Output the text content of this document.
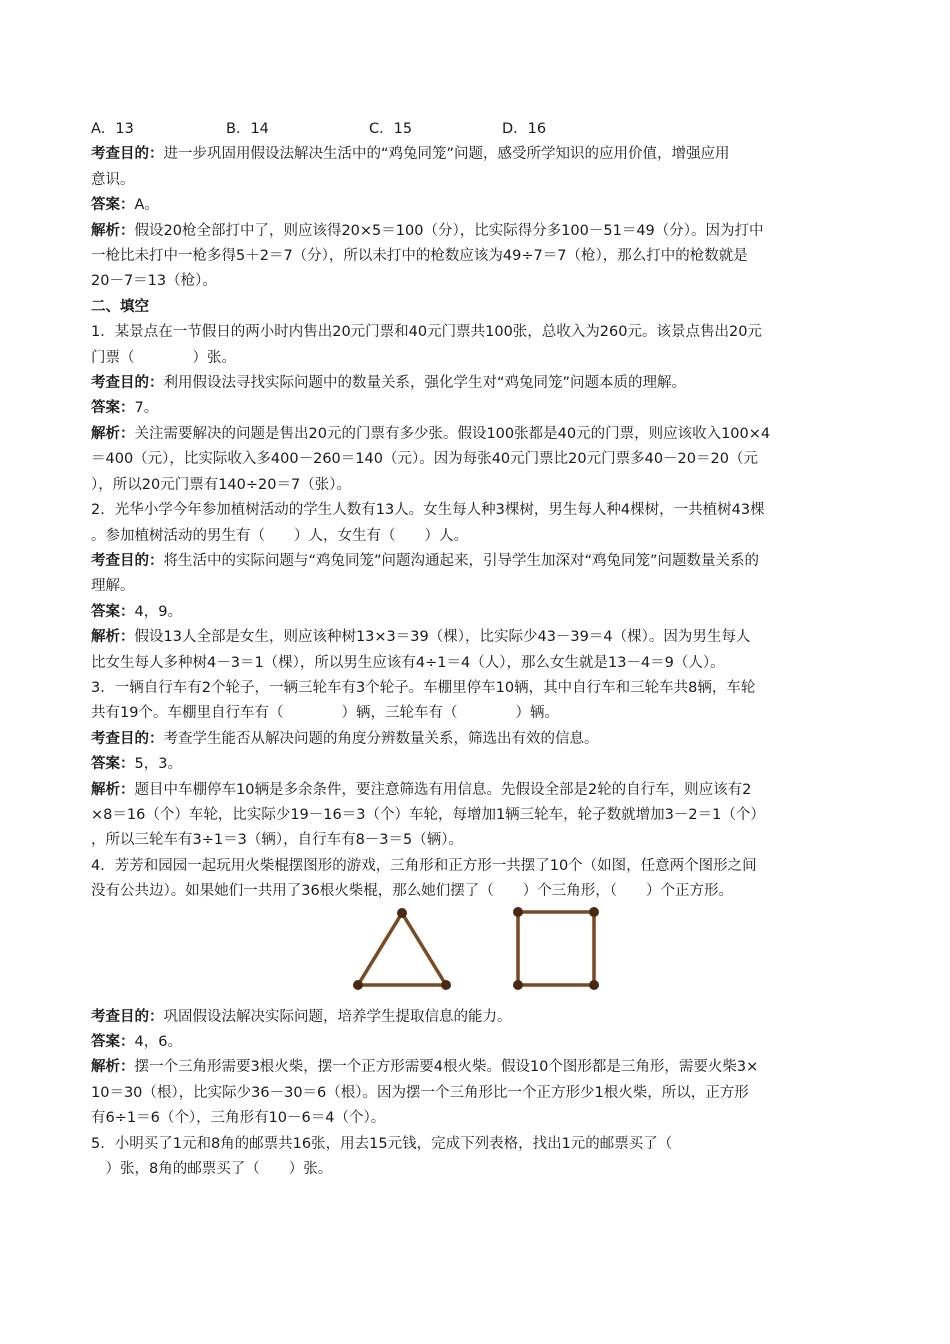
A．13	B．14	C．15	D．16
考查目的：进一步巩固用假设法解决生活中的“鸡兔同笼”问题，感受所学知识的应用价值，增强应用
意识。
答案：A。
解析：假设20枪全部打中了，则应该得20×5＝100（分），比实际得分多100－51＝49（分）。因为打中
一枪比未打中一枪多得5＋2＝7（分），所以未打中的枪数应该为49÷7＝7（枪），那么打中的枪数就是
20－7＝13（枪）。
二、填空
1．某景点在一节假日的两小时内售出20元门票和40元门票共100张，总收入为260元。该景点售出20元
门票（　　　　）张。
考查目的：利用假设法寻找实际问题中的数量关系，强化学生对“鸡兔同笼”问题本质的理解。
答案：7。
解析：关注需要解决的问题是售出20元的门票有多少张。假设100张都是40元的门票，则应该收入100×4
＝400（元），比实际收入多400－260＝140（元）。因为每张40元门票比20元门票多40－20＝20（元
），所以20元门票有140÷20＝7（张）。
2．光华小学今年参加植树活动的学生人数有13人。女生每人种3棵树，男生每人种4棵树，一共植树43棵
。参加植树活动的男生有（　　）人，女生有（　　）人。
考查目的：将生活中的实际问题与“鸡兔同笼”问题沟通起来，引导学生加深对“鸡兔同笼”问题数量关系的
理解。
答案：4，9。
解析：假设13人全部是女生，则应该种树13×3＝39（棵），比实际少43－39＝4（棵）。因为男生每人
比女生每人多种树4－3＝1（棵），所以男生应该有4÷1＝4（人），那么女生就是13－4＝9（人）。
3．一辆自行车有2个轮子，一辆三轮车有3个轮子。车棚里停车10辆，其中自行车和三轮车共8辆，车轮
共有19个。车棚里自行车有（　　　　）辆，三轮车有（　　　　）辆。
考查目的：考查学生能否从解决问题的角度分辨数量关系，筛选出有效的信息。
答案：5，3。
解析：题目中车棚停车10辆是多余条件，要注意筛选有用信息。先假设全部是2轮的自行车，则应该有2
×8＝16（个）车轮，比实际少19－16＝3（个）车轮，每增加1辆三轮车，轮子数就增加3－2＝1（个）
，所以三轮车有3÷1＝3（辆），自行车有8－3＝5（辆）。
4．芳芳和园园一起玩用火柴棍摆图形的游戏，三角形和正方形一共摆了10个（如图，任意两个图形之间
没有公共边）。如果她们一共用了36根火柴棍，那么她们摆了（　　）个三角形，（　　）个正方形。
考查目的：巩固假设法解决实际问题，培养学生提取信息的能力。
答案：4，6。
解析：摆一个三角形需要3根火柴，摆一个正方形需要4根火柴。假设10个图形都是三角形，需要火柴3×
10＝30（根），比实际少36－30＝6（根）。因为摆一个三角形比一个正方形少1根火柴，所以，正方形
有6÷1＝6（个），三角形有10－6＝4（个）。
5．小明买了1元和8角的邮票共16张，用去15元钱，完成下列表格，找出1元的邮票买了（
　）张，8角的邮票买了（　　）张。
